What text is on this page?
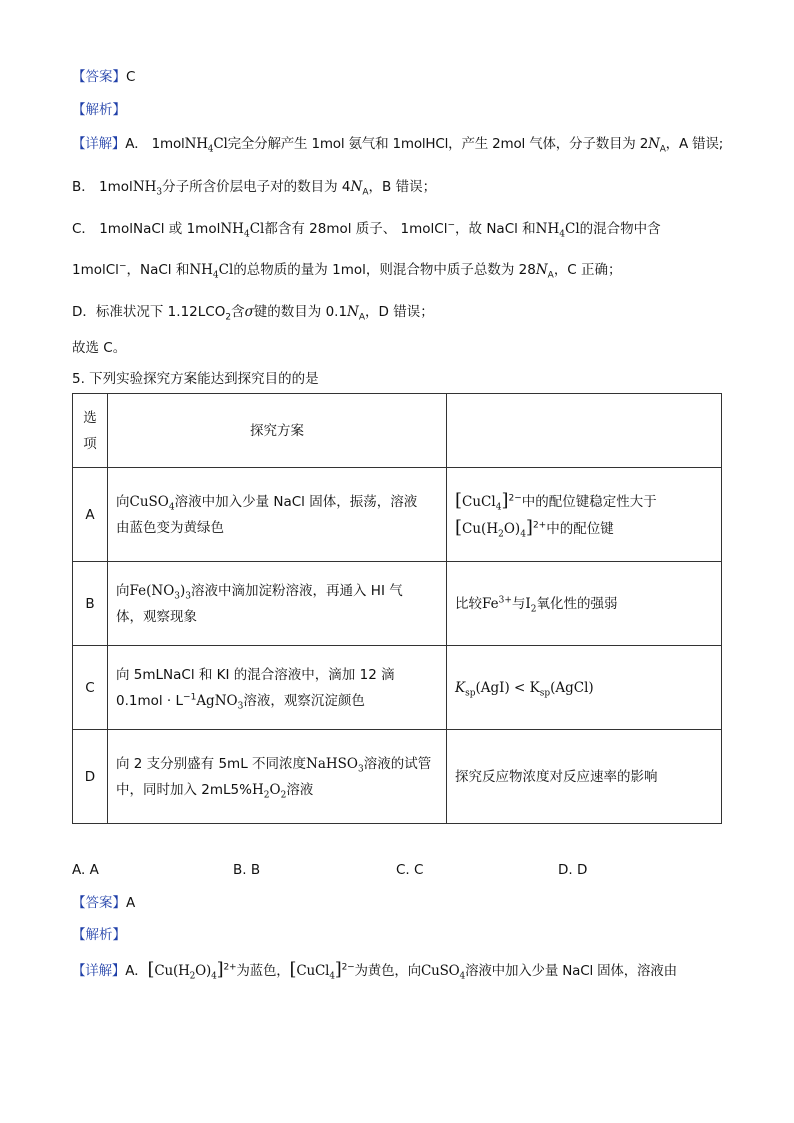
【答案】C
【解析】
【详解】A． 1molNH$_4$Cl完全分解产生 1mol 氨气和 1molHCl，产生 2mol 气体，分子数目为 $2N_A$，A 错误;
B． 1molNH$_3$分子所含价层电子对的数目为 $4N_A$，B 错误；
C． 1molNaCl 或 1molNH$_4$Cl都含有 28mol 质子、 1molCl−，故 NaCl 和$NH_4Cl$的混合物中含
1molCl−，NaCl 和$NH_4Cl$的总物质的量为 1mol，则混合物中质子总数为 $28N_A$，C 正确；
D．标准状况下 $1.12LCO_2$含σ键的数目为 $0.1N_A$，D 错误；
故选 C。
5. 下列实验探究方案能达到探究目的的是
选
项	探究方案	
A	向CuSO$_4$溶液中加入少量 NaCl 固体，振荡，溶液
由蓝色变为黄绿色	[CuCl$_4$]$^{2-}$中的配位键稳定性大于
$[Cu(H_2O)_4]^{2+}$中的配位键
B	向$Fe(NO_3)_3$溶液中滴加淀粉溶液，再通入 HI 气
体，观察现象	比较$Fe^{3+}$与$I_2$氧化性的强弱
C	向 5mLNaCl 和 KI 的混合溶液中，滴加 12 滴
$0.1mol \cdot L^{-1}AgNO_3$溶液，观察沉淀颜色	$K_{sp}(AgI)$ < $K_{sp}(AgCl)$
D	向 2 支分别盛有 5mL 不同浓度NaHSO$_3$溶液的试管
中，同时加入 $2mL5\%H_2O_2$溶液	探究反应物浓度对反应速率的影响
A. A	B. B	C. C	D. D
【答案】A
【解析】
【详解】A．$[Cu(H_2O)_4]^{2+}$为蓝色，[CuCl$_4$]$^{2-}$为黄色，向CuSO$_4$溶液中加入少量 NaCl 固体，溶液由
